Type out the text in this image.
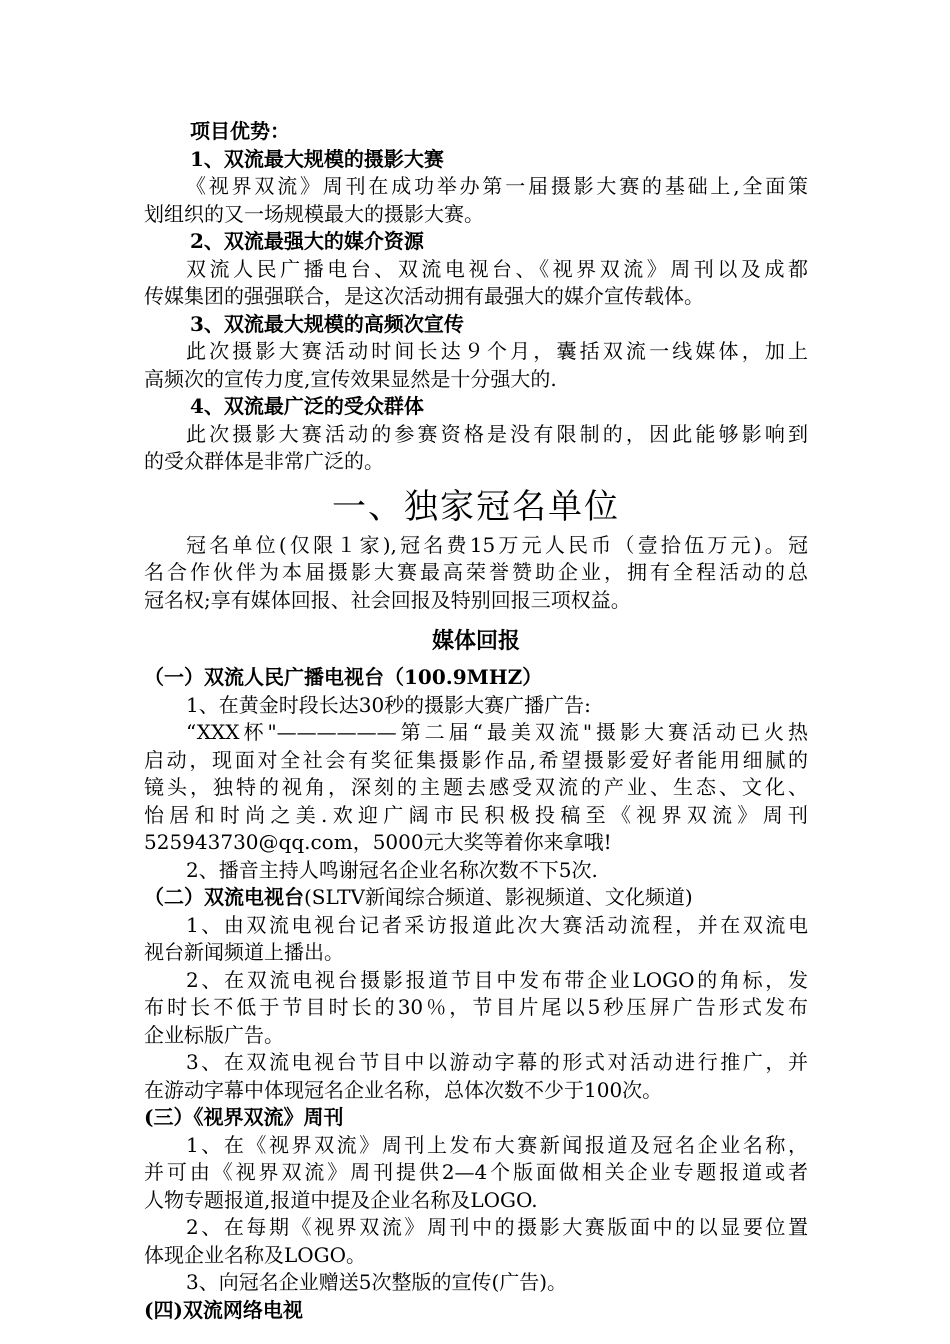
项目优势：
1、双流最大规模的摄影大赛
《视界双流》周刊在成功举办第一届摄影大赛的基础上,全面策
划组织的又一场规模最大的摄影大赛。
2、双流最强大的媒介资源
双流人民广播电台、双流电视台、《视界双流》周刊以及成都
传媒集团的强强联合，是这次活动拥有最强大的媒介宣传载体。
3、双流最大规模的高频次宣传
此次摄影大赛活动时间长达９个月，囊括双流一线媒体，加上
高频次的宣传力度,宣传效果显然是十分强大的.
4、双流最广泛的受众群体
此次摄影大赛活动的参赛资格是没有限制的，因此能够影响到
的受众群体是非常广泛的。
一、独家冠名单位
冠名单位(仅限１家),冠名费15万元人民币（壹拾伍万元)。冠
名合作伙伴为本届摄影大赛最高荣誉赞助企业，拥有全程活动的总
冠名权;享有媒体回报、社会回报及特别回报三项权益。
媒体回报
（一）双流人民广播电视台（100.9MHZ）
1、在黄金时段长达30秒的摄影大赛广播广告:
“XXX杯"——————第二届“最美双流"摄影大赛活动已火热
启动，现面对全社会有奖征集摄影作品,希望摄影爱好者能用细腻的
镜头，独特的视角，深刻的主题去感受双流的产业、生态、文化、
怡居和时尚之美.欢迎广阔市民积极投稿至《视界双流》周刊
525943730@qq.com，5000元大奖等着你来拿哦!
2、播音主持人鸣谢冠名企业名称次数不下5次.
（二）双流电视台(SLTV新闻综合频道、影视频道、文化频道)
1、由双流电视台记者采访报道此次大赛活动流程，并在双流电
视台新闻频道上播出。
2、在双流电视台摄影报道节目中发布带企业LOGO的角标，发
布时长不低于节目时长的30％，节目片尾以5秒压屏广告形式发布
企业标版广告。
3、在双流电视台节目中以游动字幕的形式对活动进行推广，并
在游动字幕中体现冠名企业名称，总体次数不少于100次。
(三）《视界双流》周刊
1、在《视界双流》周刊上发布大赛新闻报道及冠名企业名称，
并可由《视界双流》周刊提供2—4个版面做相关企业专题报道或者
人物专题报道,报道中提及企业名称及LOGO.
2、在每期《视界双流》周刊中的摄影大赛版面中的以显要位置
体现企业名称及LOGO。
3、向冠名企业赠送5次整版的宣传(广告)。
(四)双流网络电视
